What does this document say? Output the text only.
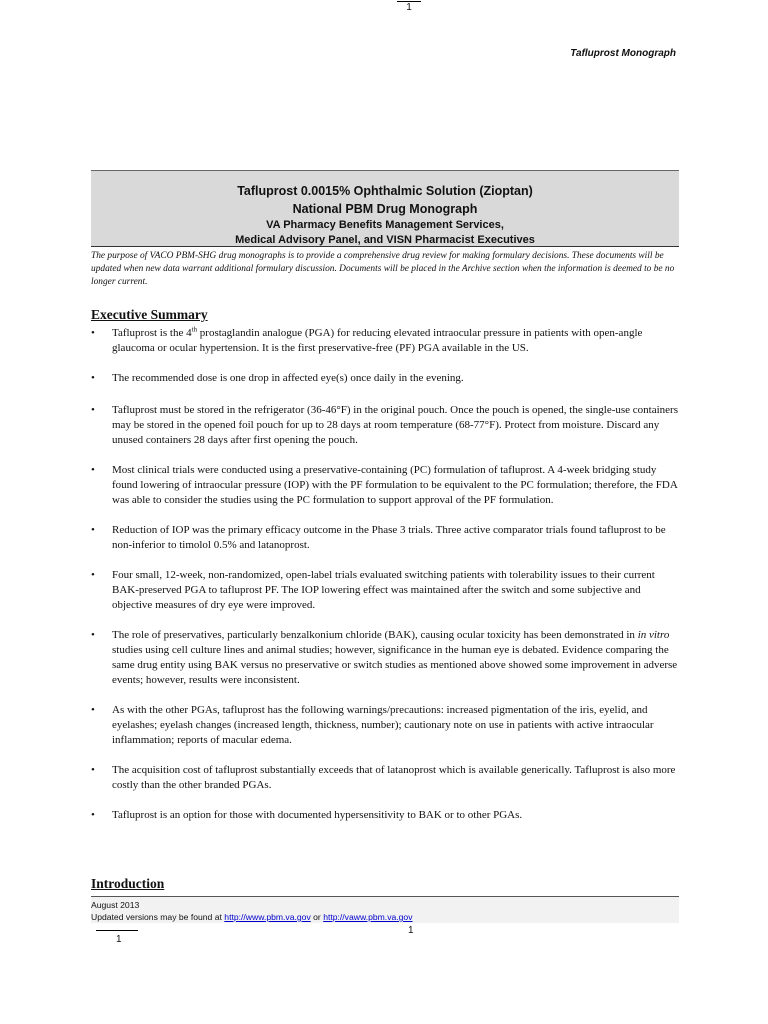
1
Tafluprost Monograph
Tafluprost 0.0015% Ophthalmic Solution (Zioptan)
National PBM Drug Monograph
VA Pharmacy Benefits Management Services,
Medical Advisory Panel, and VISN Pharmacist Executives
The purpose of VACO PBM-SHG drug monographs is to provide a comprehensive drug review for making formulary decisions. These documents will be updated when new data warrant additional formulary discussion. Documents will be placed in the Archive section when the information is deemed to be no longer current.
Executive Summary
• Tafluprost is the 4th prostaglandin analogue (PGA) for reducing elevated intraocular pressure in patients with open-angle glaucoma or ocular hypertension. It is the first preservative-free (PF) PGA available in the US.
• The recommended dose is one drop in affected eye(s) once daily in the evening.
• Tafluprost must be stored in the refrigerator (36-46°F) in the original pouch. Once the pouch is opened, the single-use containers may be stored in the opened foil pouch for up to 28 days at room temperature (68-77°F). Protect from moisture. Discard any unused containers 28 days after first opening the pouch.
• Most clinical trials were conducted using a preservative-containing (PC) formulation of tafluprost. A 4-week bridging study found lowering of intraocular pressure (IOP) with the PF formulation to be equivalent to the PC formulation; therefore, the FDA was able to consider the studies using the PC formulation to support approval of the PF formulation.
• Reduction of IOP was the primary efficacy outcome in the Phase 3 trials. Three active comparator trials found tafluprost to be non-inferior to timolol 0.5% and latanoprost.
• Four small, 12-week, non-randomized, open-label trials evaluated switching patients with tolerability issues to their current BAK-preserved PGA to tafluprost PF. The IOP lowering effect was maintained after the switch and some subjective and objective measures of dry eye were improved.
• The role of preservatives, particularly benzalkonium chloride (BAK), causing ocular toxicity has been demonstrated in in vitro studies using cell culture lines and animal studies; however, significance in the human eye is debated. Evidence comparing the same drug entity using BAK versus no preservative or switch studies as mentioned above showed some improvement in adverse events; however, results were inconsistent.
• As with the other PGAs, tafluprost has the following warnings/precautions: increased pigmentation of the iris, eyelid, and eyelashes; eyelash changes (increased length, thickness, number); cautionary note on use in patients with active intraocular inflammation; reports of macular edema.
• The acquisition cost of tafluprost substantially exceeds that of latanoprost which is available generically. Tafluprost is also more costly than the other branded PGAs.
• Tafluprost is an option for those with documented hypersensitivity to BAK or to other PGAs.
Introduction
August 2013
Updated versions may be found at http://www.pbm.va.gov or http://vaww.pbm.va.gov
1
1
